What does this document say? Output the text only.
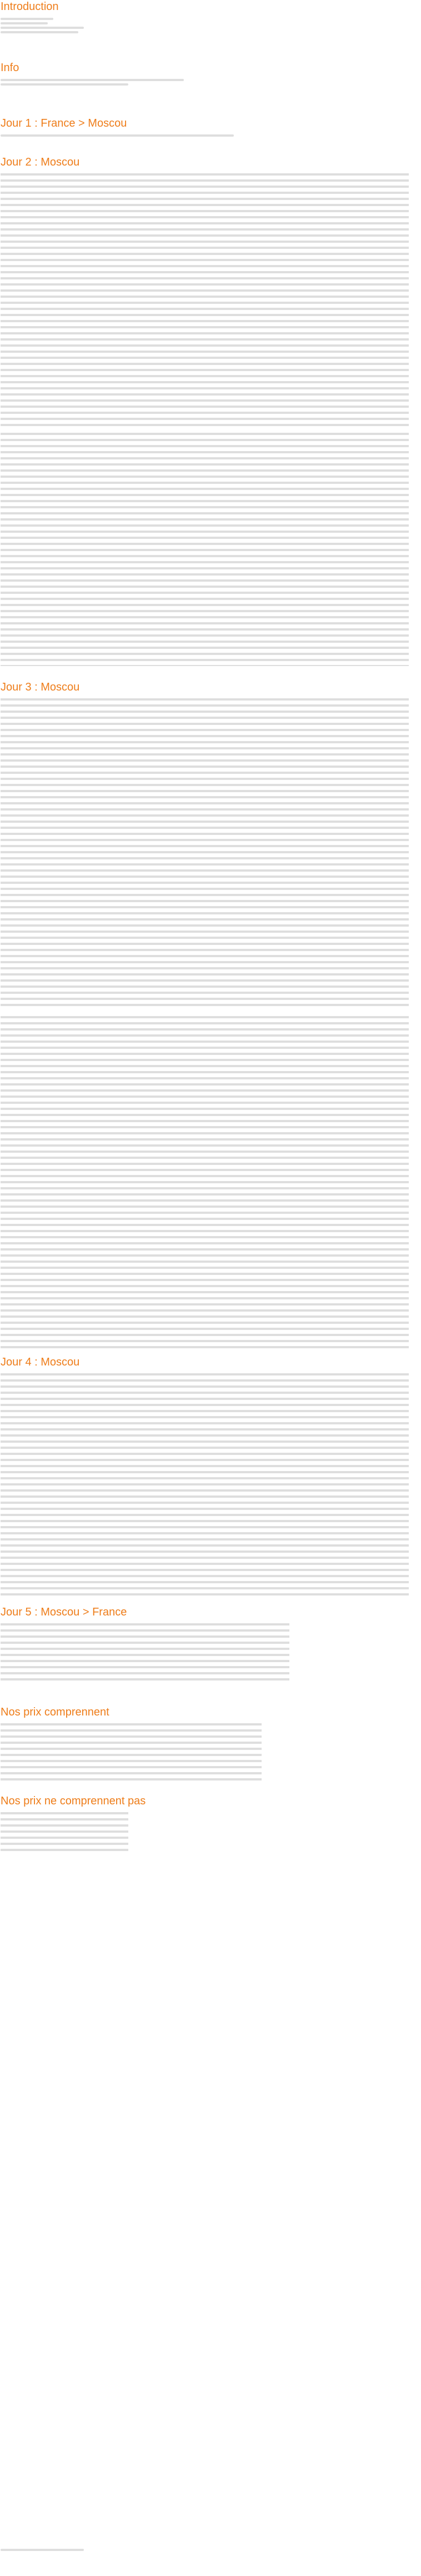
Introduction
Info
Jour 1 : France > Moscou
Jour 2 : Moscou
Jour 3 : Moscou
Jour 4 : Moscou
Jour 5 : Moscou > France
Nos prix comprennent
Nos prix ne comprennent pas
